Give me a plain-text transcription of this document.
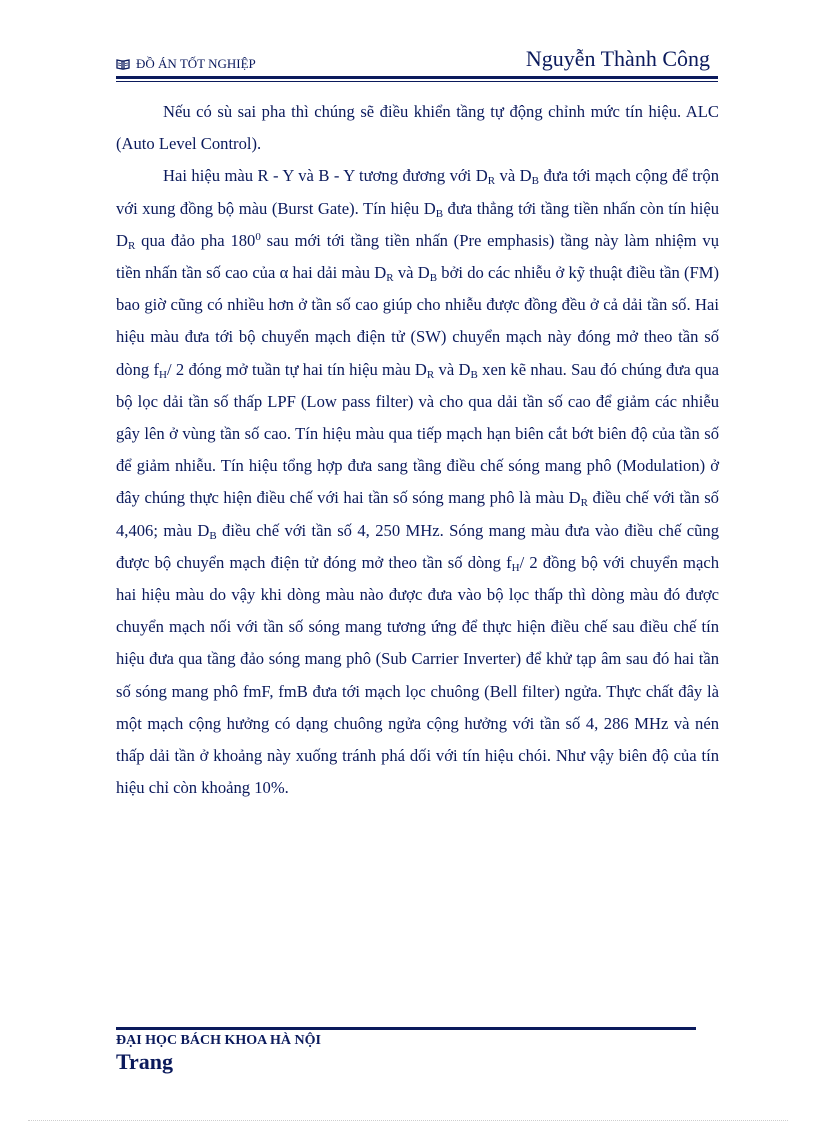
ĐỒ ÁN TỐT NGHIỆP	Nguyễn Thành Công

Nếu có sù sai pha thì chúng sẽ điều khiển tầng tự động chỉnh mức tín hiệu. ALC (Auto Level Control).

Hai hiệu màu R - Y và B - Y tương đương với $D_R$ và $D_B$ đưa tới mạch cộng để trộn với xung đồng bộ màu (Burst Gate). Tín hiệu $D_B$ đưa thẳng tới tầng tiền nhấn còn tín hiệu $D_R$ qua đảo pha $180^0$ sau mới tới tầng tiền nhấn (Pre emphasis) tầng này làm nhiệm vụ tiền nhấn tần số cao của α hai dải màu $D_R$ và $D_B$ bởi do các nhiễu ở kỹ thuật điều tần (FM) bao giờ cũng có nhiều hơn ở tần số cao giúp cho nhiễu được đồng đều ở cả dải tần số. Hai hiệu màu đưa tới bộ chuyển mạch điện tử (SW) chuyển mạch này đóng mở theo tần số dòng $f_H/$ 2 đóng mở tuần tự hai tín hiệu màu $D_R$ và $D_B$ xen kẽ nhau. Sau đó chúng đưa qua bộ lọc dải tần số thấp LPF (Low pass filter) và cho qua dải tần số cao để giảm các nhiễu gây lên ở vùng tần số cao. Tín hiệu màu qua tiếp mạch hạn biên cắt bớt biên độ của tần số để giảm nhiễu. Tín hiệu tổng hợp đưa sang tầng điều chế sóng mang phô (Modulation) ở đây chúng thực hiện điều chế với hai tần số sóng mang phô là màu $D_R$ điều chế với tần số 4,406; màu $D_B$ điều chế với tần số 4, 250 MHz. Sóng mang màu đưa vào điều chế cũng được bộ chuyển mạch điện tử đóng mở theo tần số dòng $f_H/$ 2 đồng bộ với chuyển mạch hai hiệu màu do vậy khi dòng màu nào được đưa vào bộ lọc thấp thì dòng màu đó được chuyển mạch nối với tần số sóng mang tương ứng để thực hiện điều chế sau điều chế tín hiệu đưa qua tầng đảo sóng mang phô (Sub Carrier Inverter) để khử tạp âm sau đó hai tần số sóng mang phô fmF, fmB đưa tới mạch lọc chuông (Bell filter) ngửa. Thực chất đây là một mạch cộng hưởng có dạng chuông ngửa cộng hưởng với tần số 4, 286 MHz và nén thấp dải tần ở khoảng này xuống tránh phá dối với tín hiệu chói. Như vậy biên độ của tín hiệu chỉ còn khoảng 10%.

ĐẠI HỌC BÁCH KHOA HÀ NỘI
Trang
